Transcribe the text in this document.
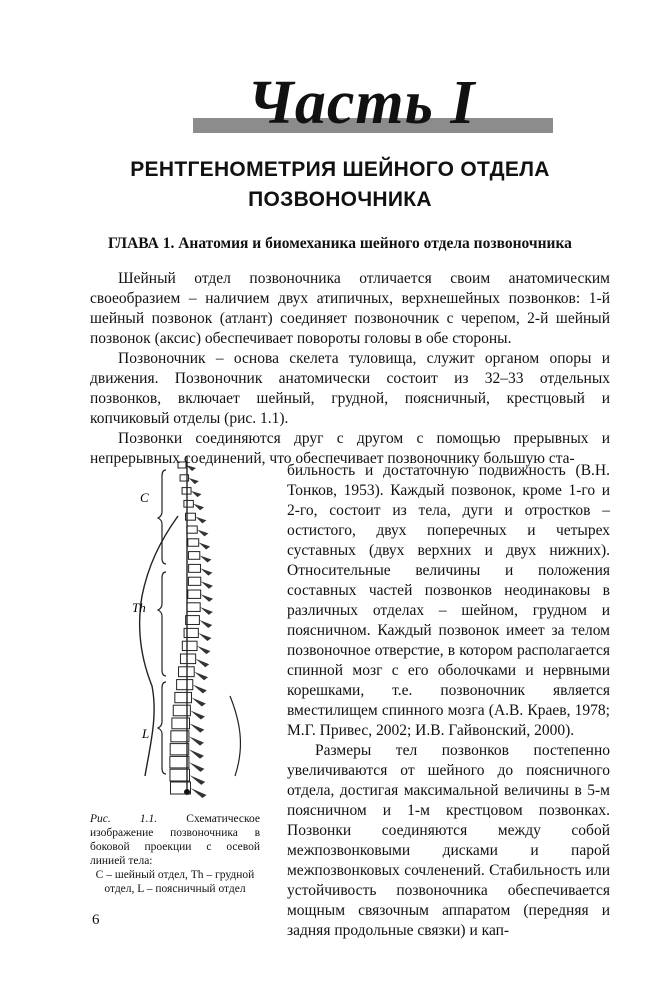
Часть I
РЕНТГЕНОМЕТРИЯ ШЕЙНОГО ОТДЕЛА
ПОЗВОНОЧНИКА
ГЛАВА 1. Анатомия и биомеханика шейного отдела позвоночника

Шейный отдел позвоночника отличается своим анатомическим своеобразием – наличием двух атипичных, верхнешейных позвонков: 1-й шейный позвонок (атлант) соединяет позвоночник с черепом, 2-й шейный позвонок (аксис) обеспечивает повороты головы в обе стороны.

Позвоночник – основа скелета туловища, служит органом опоры и движения. Позвоночник анатомически состоит из 32–33 отдельных позвонков, включает шейный, грудной, поясничный, крестцовый и копчиковый отделы (рис. 1.1).

Позвонки соединяются друг с другом с помощью прерывных и непрерывных соединений, что обеспечивает позвоночнику большую ста-

C
Th
L

бильность и достаточную подвижность (В.Н. Тонков, 1953). Каждый позвонок, кроме 1-го и 2-го, состоит из тела, дуги и отростков – остистого, двух поперечных и четырех суставных (двух верхних и двух нижних). Относительные величины и положения составных частей позвонков неодинаковы в различных отделах – шейном, грудном и поясничном. Каждый позвонок имеет за телом позвоночное отверстие, в котором располагается спинной мозг с его оболочками и нервными корешками, т.е. позвоночник является вместилищем спинного мозга (А.В. Краев, 1978; М.Г. Привес, 2002; И.В. Гайвонский, 2000).

Размеры тел позвонков постепенно увеличиваются от шейного до поясничного отдела, достигая максимальной величины в 5-м поясничном и 1-м крестцовом позвонках. Позвонки соединяются между собой межпозвонковыми дисками и парой межпозвонковых сочленений. Стабильность или устойчивость позвоночника обеспечивается мощным связочным аппаратом (передняя и задняя продольные связки) и кап-

Рис. 1.1. Схематическое изображение позвоночника в боковой проекции с осевой линией тела:
C – шейный отдел, Th – грудной отдел, L – поясничный отдел
6
